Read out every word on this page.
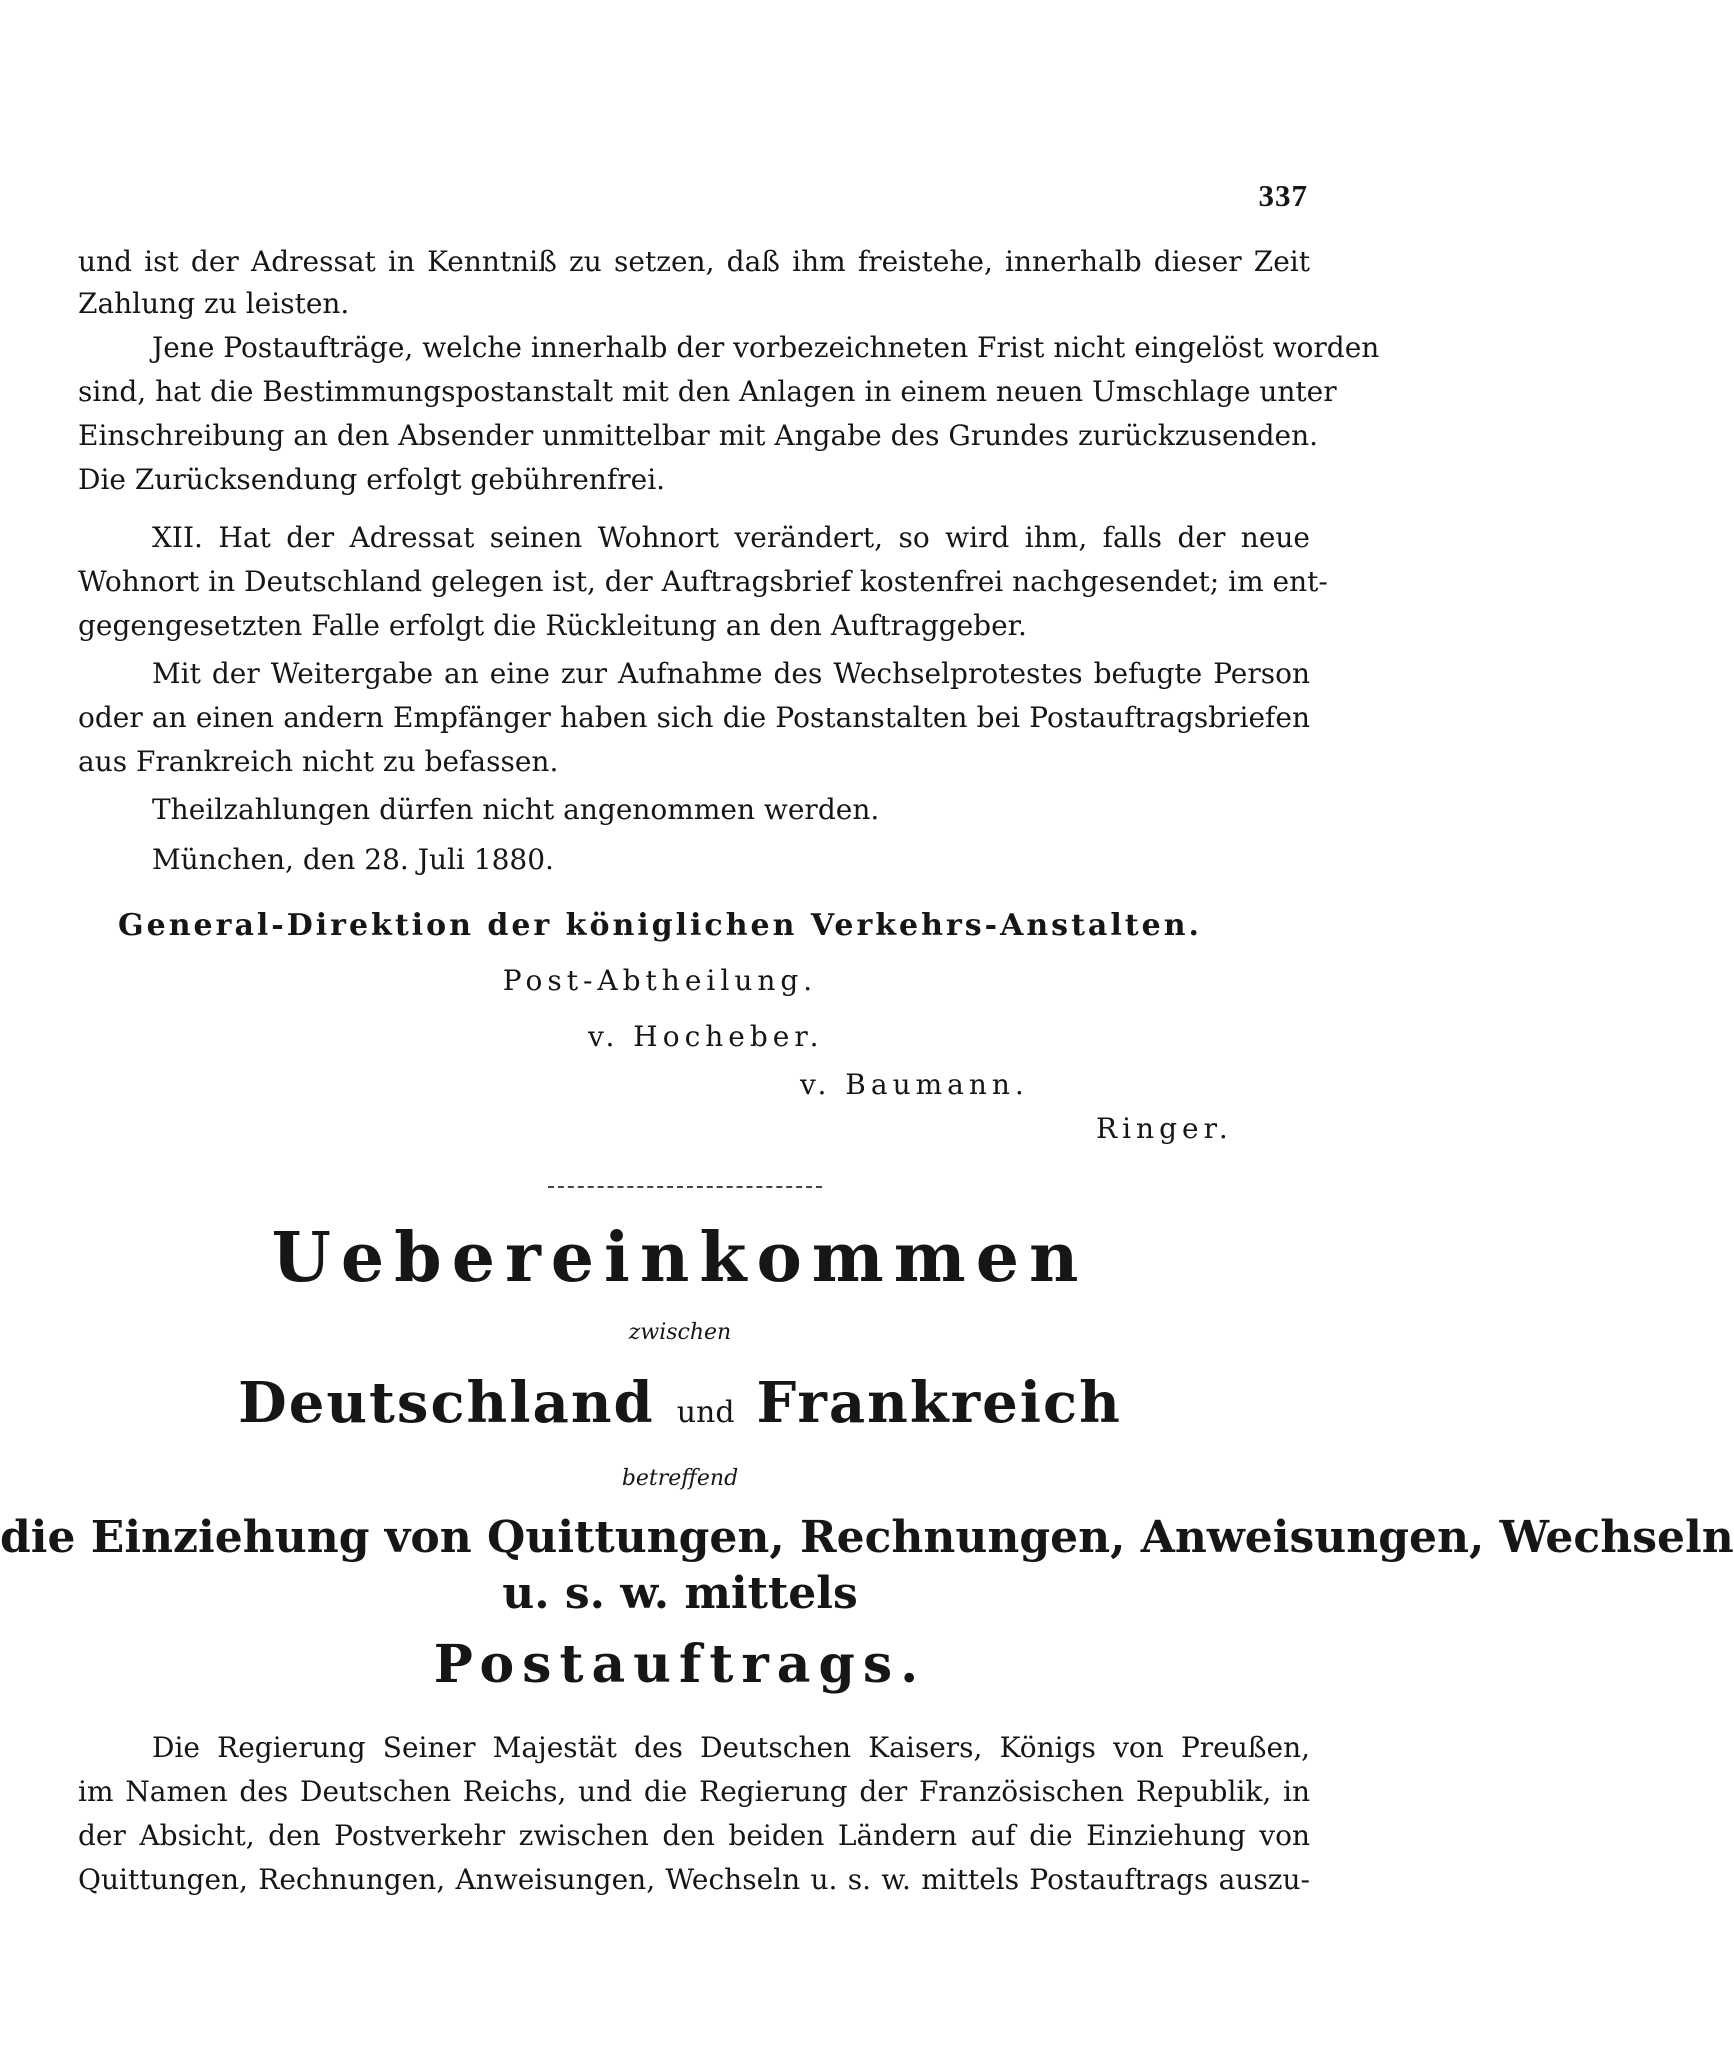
337
und ist der Adressat in Kenntniß zu setzen, daß ihm freistehe, innerhalb dieser Zeit
Zahlung zu leisten.
Jene Postaufträge, welche innerhalb der vorbezeichneten Frist nicht eingelöst worden
sind, hat die Bestimmungspostanstalt mit den Anlagen in einem neuen Umschlage unter
Einschreibung an den Absender unmittelbar mit Angabe des Grundes zurückzusenden.
Die Zurücksendung erfolgt gebührenfrei.
XII. Hat der Adressat seinen Wohnort verändert, so wird ihm, falls der neue
Wohnort in Deutschland gelegen ist, der Auftragsbrief kostenfrei nachgesendet; im ent-
gegengesetzten Falle erfolgt die Rückleitung an den Auftraggeber.
Mit der Weitergabe an eine zur Aufnahme des Wechselprotestes befugte Person
oder an einen andern Empfänger haben sich die Postanstalten bei Postauftragsbriefen
aus Frankreich nicht zu befassen.
Theilzahlungen dürfen nicht angenommen werden.
München, den 28. Juli 1880.
General-Direktion der königlichen Verkehrs-Anstalten.
Post-Abtheilung.
v. Hocheber.
v. Baumann.
Ringer.
Uebereinkommen
zwischen
Deutschland und Frankreich
betreffend
die Einziehung von Quittungen, Rechnungen, Anweisungen, Wechseln
u. s. w. mittels
Postauftrags.
Die Regierung Seiner Majestät des Deutschen Kaisers, Königs von Preußen,
im Namen des Deutschen Reichs, und die Regierung der Französischen Republik, in
der Absicht, den Postverkehr zwischen den beiden Ländern auf die Einziehung von
Quittungen, Rechnungen, Anweisungen, Wechseln u. s. w. mittels Postauftrags auszu-
